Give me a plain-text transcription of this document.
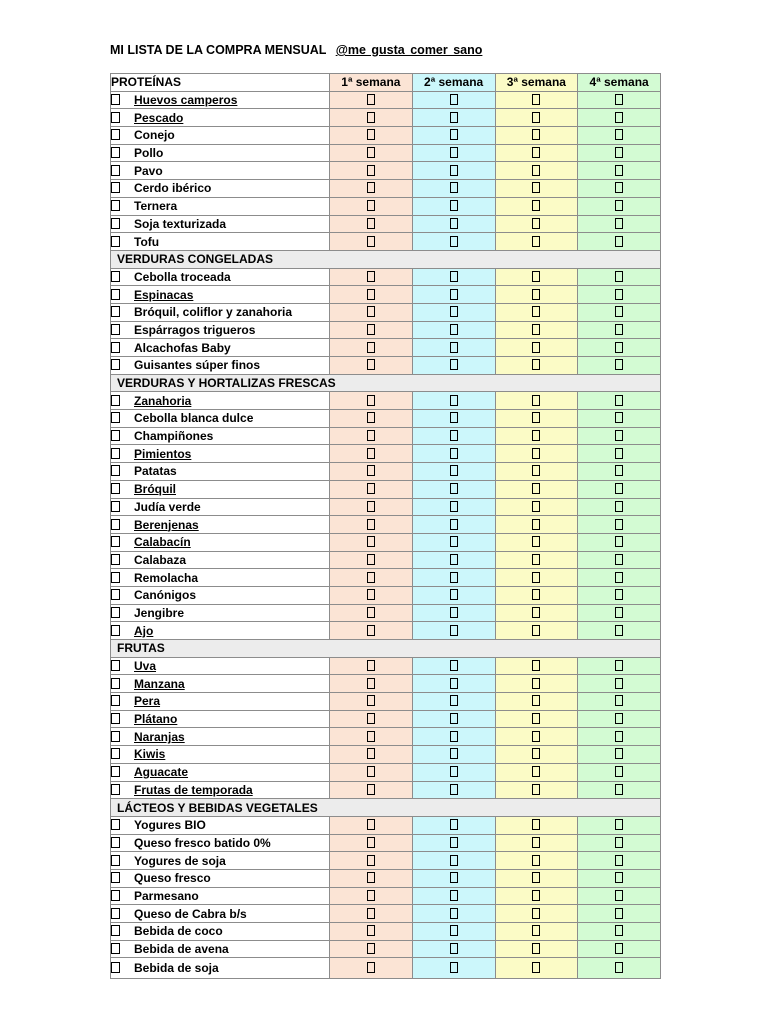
MI LISTA DE LA COMPRA MENSUAL @me gusta comer sano
PROTEÍNAS	1ª semana	2ª semana	3ª semana	4ª semana
Huevos camperos				
Pescado				
Conejo				
Pollo				
Pavo				
Cerdo ibérico				
Ternera				
Soja texturizada				
Tofu				
VERDURAS CONGELADAS				
Cebolla troceada				
Espinacas				
Bróquil, coliflor y zanahoria				
Espárragos trigueros				
Alcachofas Baby				
Guisantes súper finos				
VERDURAS Y HORTALIZAS FRESCAS				
Zanahoria				
Cebolla blanca dulce				
Champiñones				
Pimientos				
Patatas				
Bróquil				
Judía verde				
Berenjenas				
Calabacín				
Calabaza				
Remolacha				
Canónigos				
Jengibre				
Ajo				
FRUTAS				
Uva				
Manzana				
Pera				
Plátano				
Naranjas				
Kiwis				
Aguacate				
Frutas de temporada				
LÁCTEOS Y BEBIDAS VEGETALES				
Yogures BIO				
Queso fresco batido 0%				
Yogures de soja				
Queso fresco				
Parmesano				
Queso de Cabra b/s				
Bebida de coco				
Bebida de avena				
Bebida de soja				
